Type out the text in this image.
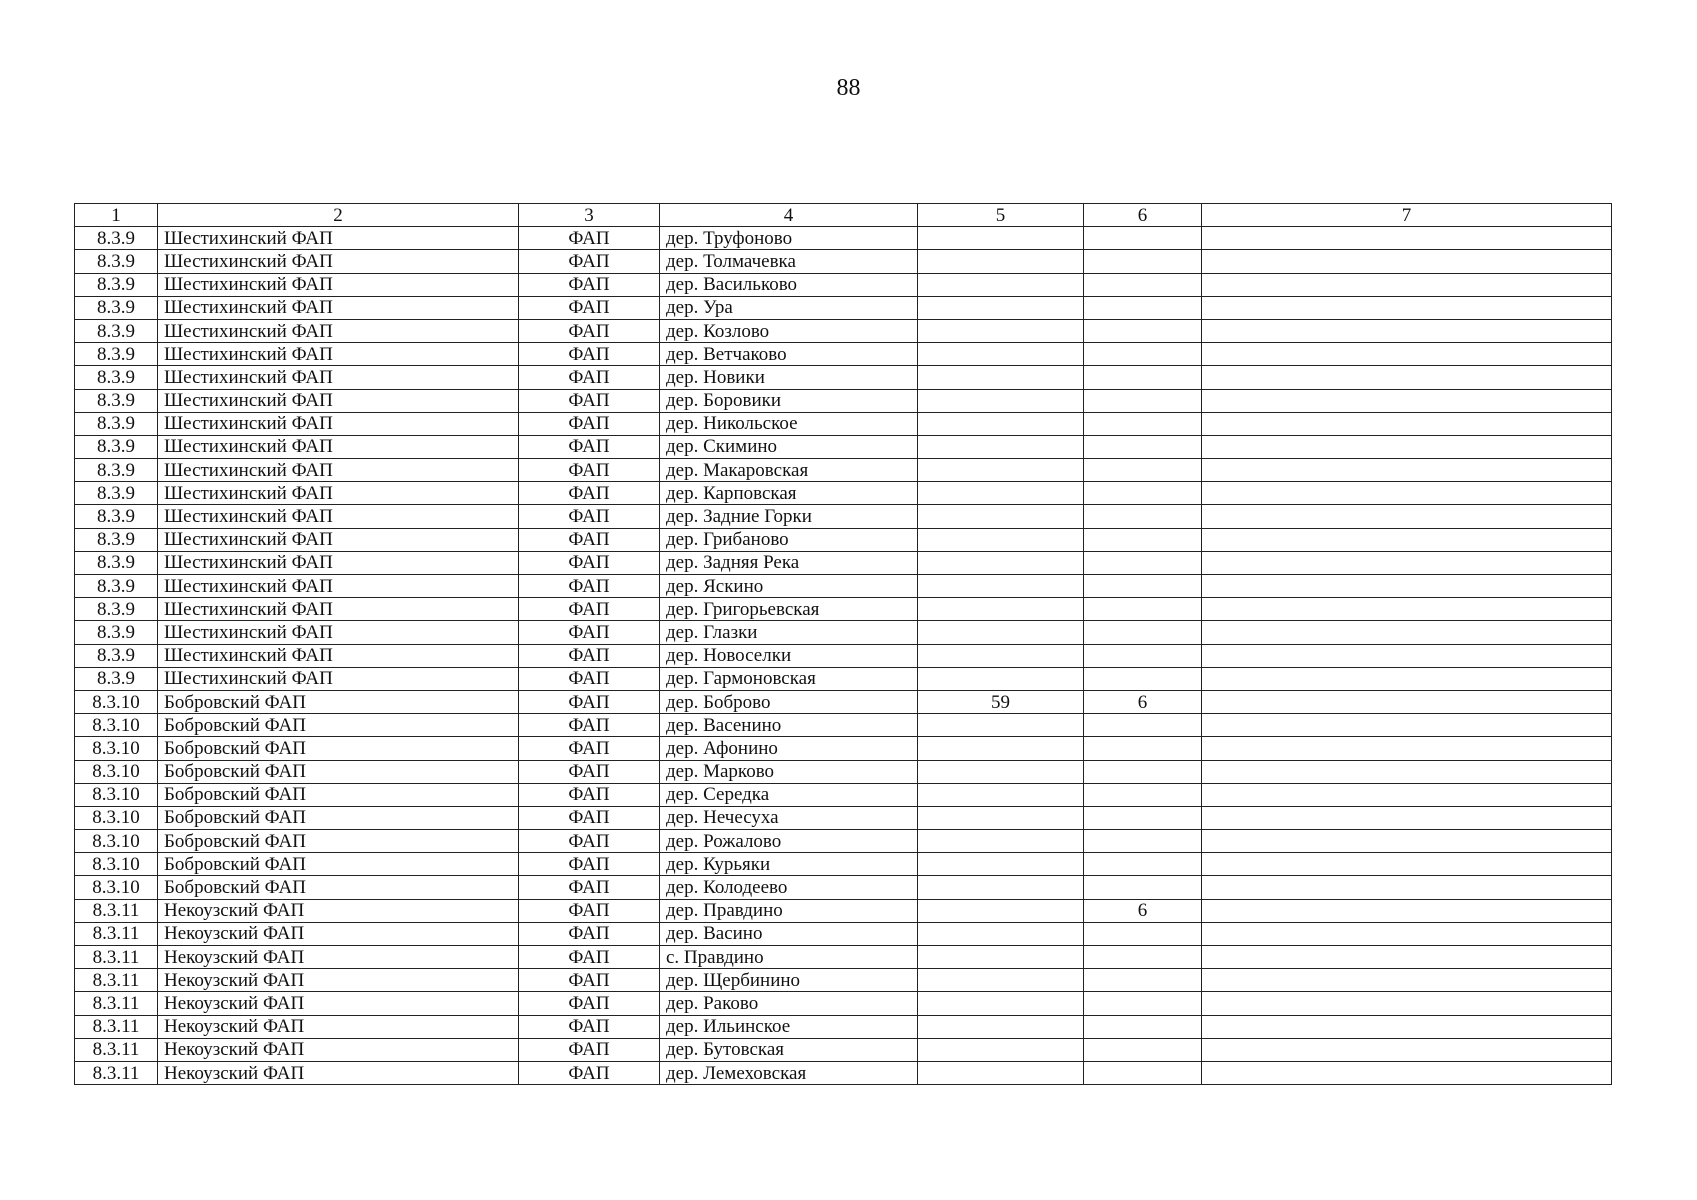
88
1	2	3	4	5	6	7
8.3.9	Шестихинский ФАП	ФАП	дер. Труфоново			
8.3.9	Шестихинский ФАП	ФАП	дер. Толмачевка			
8.3.9	Шестихинский ФАП	ФАП	дер. Васильково			
8.3.9	Шестихинский ФАП	ФАП	дер. Ура			
8.3.9	Шестихинский ФАП	ФАП	дер. Козлово			
8.3.9	Шестихинский ФАП	ФАП	дер. Ветчаково			
8.3.9	Шестихинский ФАП	ФАП	дер. Новики			
8.3.9	Шестихинский ФАП	ФАП	дер. Боровики			
8.3.9	Шестихинский ФАП	ФАП	дер. Никольское			
8.3.9	Шестихинский ФАП	ФАП	дер. Скимино			
8.3.9	Шестихинский ФАП	ФАП	дер. Макаровская			
8.3.9	Шестихинский ФАП	ФАП	дер. Карповская			
8.3.9	Шестихинский ФАП	ФАП	дер. Задние Горки			
8.3.9	Шестихинский ФАП	ФАП	дер. Грибаново			
8.3.9	Шестихинский ФАП	ФАП	дер. Задняя Река			
8.3.9	Шестихинский ФАП	ФАП	дер. Яскино			
8.3.9	Шестихинский ФАП	ФАП	дер. Григорьевская			
8.3.9	Шестихинский ФАП	ФАП	дер. Глазки			
8.3.9	Шестихинский ФАП	ФАП	дер. Новоселки			
8.3.9	Шестихинский ФАП	ФАП	дер. Гармоновская			
8.3.10	Бобровский ФАП	ФАП	дер. Боброво	59	6	
8.3.10	Бобровский ФАП	ФАП	дер. Васенино			
8.3.10	Бобровский ФАП	ФАП	дер. Афонино			
8.3.10	Бобровский ФАП	ФАП	дер. Марково			
8.3.10	Бобровский ФАП	ФАП	дер. Середка			
8.3.10	Бобровский ФАП	ФАП	дер. Нечесуха			
8.3.10	Бобровский ФАП	ФАП	дер. Рожалово			
8.3.10	Бобровский ФАП	ФАП	дер. Курьяки			
8.3.10	Бобровский ФАП	ФАП	дер. Колодеево			
8.3.11	Некоузский ФАП	ФАП	дер. Правдино		6	
8.3.11	Некоузский ФАП	ФАП	дер. Васино			
8.3.11	Некоузский ФАП	ФАП	с. Правдино			
8.3.11	Некоузский ФАП	ФАП	дер. Щербинино			
8.3.11	Некоузский ФАП	ФАП	дер. Раково			
8.3.11	Некоузский ФАП	ФАП	дер. Ильинское			
8.3.11	Некоузский ФАП	ФАП	дер. Бутовская			
8.3.11	Некоузский ФАП	ФАП	дер. Лемеховская			
